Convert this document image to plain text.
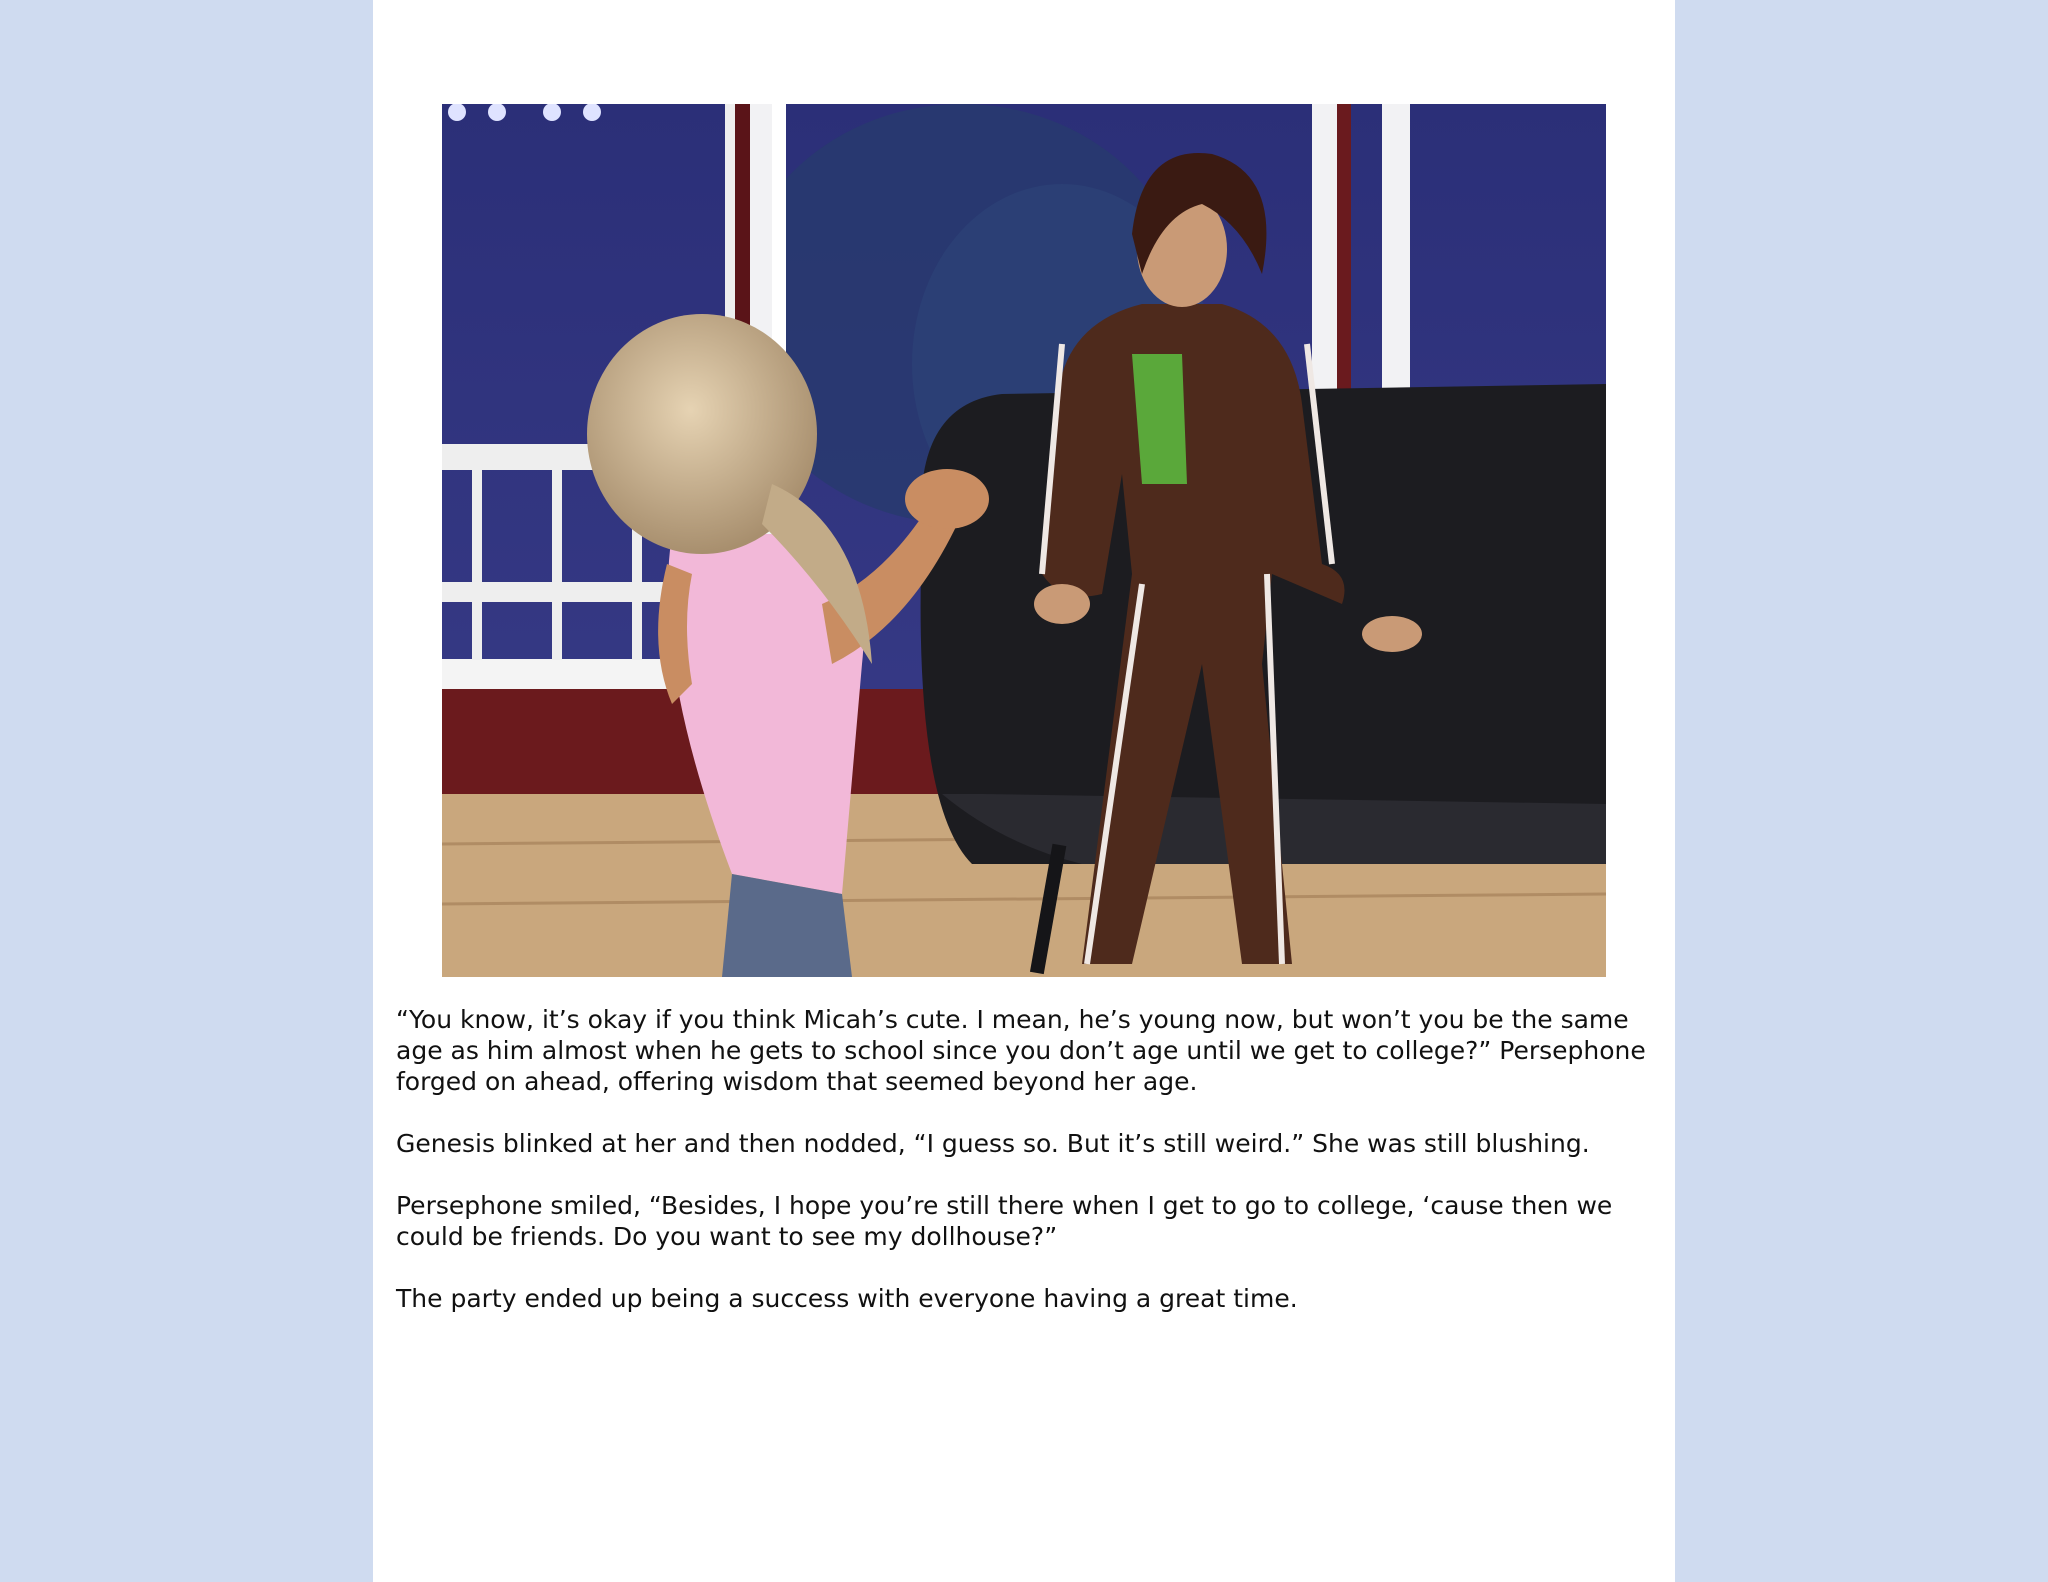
“You know, it’s okay if you think Micah’s cute. I mean, he’s young now, but won’t you be the same age as him almost when he gets to school since you don’t age until we get to college?” Persephone forged on ahead, offering wisdom that seemed beyond her age.

Genesis blinked at her and then nodded, “I guess so. But it’s still weird.” She was still blushing.

Persephone smiled, “Besides, I hope you’re still there when I get to go to college, ‘cause then we could be friends. Do you want to see my dollhouse?”

The party ended up being a success with everyone having a great time.
